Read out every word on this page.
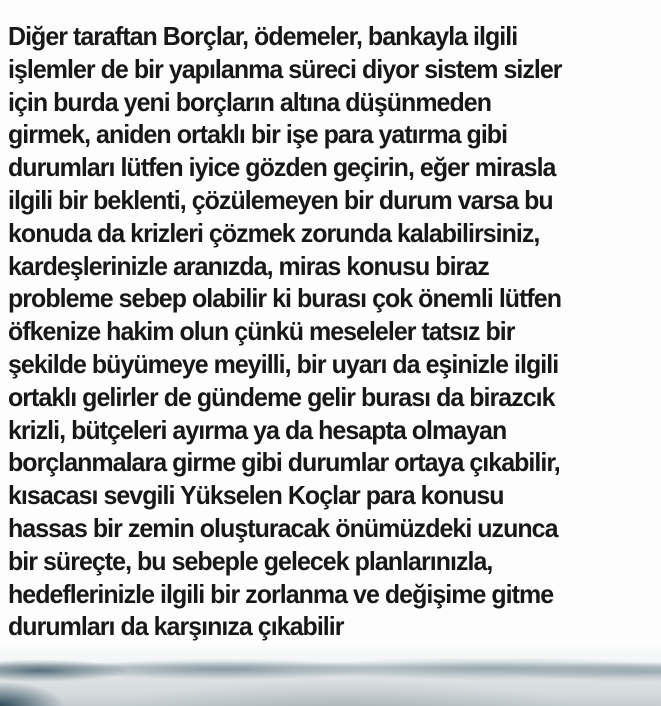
Diğer taraftan Borçlar, ödemeler, bankayla ilgili
işlemler de bir yapılanma süreci diyor sistem sizler
için burda yeni borçların altına düşünmeden
girmek, aniden ortaklı bir işe para yatırma gibi
durumları lütfen iyice gözden geçirin, eğer mirasla
ilgili bir beklenti, çözülemeyen bir durum varsa bu
konuda da krizleri çözmek zorunda kalabilirsiniz,
kardeşlerinizle aranızda, miras konusu biraz
probleme sebep olabilir ki burası çok önemli lütfen
öfkenize hakim olun çünkü meseleler tatsız bir
şekilde büyümeye meyilli, bir uyarı da eşinizle ilgili
ortaklı gelirler de gündeme gelir burası da birazcık
krizli, bütçeleri ayırma ya da hesapta olmayan
borçlanmalara girme gibi durumlar ortaya çıkabilir,
kısacası sevgili Yükselen Koçlar para konusu
hassas bir zemin oluşturacak önümüzdeki uzunca
bir süreçte, bu sebeple gelecek planlarınızla,
hedeflerinizle ilgili bir zorlanma ve değişime gitme
durumları da karşınıza çıkabilir
